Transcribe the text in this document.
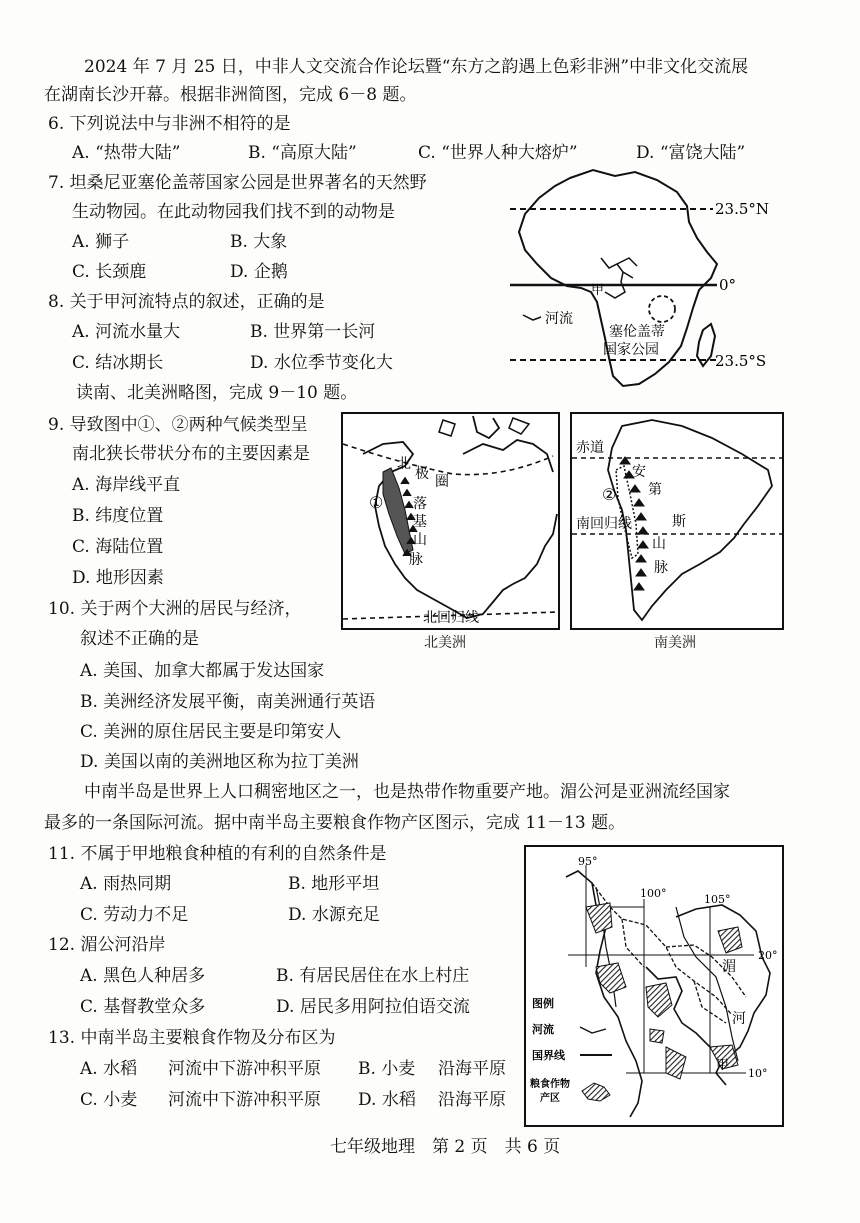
2024 年 7 月 25 日，中非人文交流合作论坛暨“东方之韵遇上色彩非洲”中非文化交流展
在湖南长沙开幕。根据非洲简图，完成 6－8 题。
6. 下列说法中与非洲不相符的是
A. “热带大陆”	B. “高原大陆”	C. “世界人种大熔炉”	D. “富饶大陆”
7. 坦桑尼亚塞伦盖蒂国家公园是世界著名的天然野
生动物园。在此动物园我们找不到的动物是
A. 狮子	B. 大象
C. 长颈鹿	D. 企鹅
8. 关于甲河流特点的叙述，正确的是
A. 河流水量大	B. 世界第一长河
C. 结冰期长	D. 水位季节变化大
23.5°N
0°
23.5°S
甲
河流
塞伦盖蒂
国家公园
读南、北美洲略图，完成 9－10 题。
9. 导致图中①、②两种气候类型呈
南北狭长带状分布的主要因素是
A. 海岸线平直
B. 纬度位置
C. 海陆位置
D. 地形因素
北
极 圈
① 落
基
山
脉
北回归线
北美洲
赤道
②
安
第
斯
山
脉
南回归线
南美洲
10. 关于两个大洲的居民与经济，
叙述不正确的是
A. 美国、加拿大都属于发达国家
B. 美洲经济发展平衡，南美洲通行英语
C. 美洲的原住居民主要是印第安人
D. 美国以南的美洲地区称为拉丁美洲
中南半岛是世界上人口稠密地区之一，也是热带作物重要产地。湄公河是亚洲流经国家
最多的一条国际河流。据中南半岛主要粮食作物产区图示，完成 11－13 题。
11. 不属于甲地粮食种植的有利的自然条件是
A. 雨热同期	B. 地形平坦
C. 劳动力不足	D. 水源充足
12. 湄公河沿岸
A. 黑色人种居多	B. 有居民居住在水上村庄
C. 基督教堂众多	D. 居民多用阿拉伯语交流
13. 中南半岛主要粮食作物及分布区为
A. 水稻 河流中下游冲积平原 B. 小麦 沿海平原
C. 小麦 河流中下游冲积平原 D. 水稻 沿海平原
95°
100°	105°
20°
10°
湄
河
甲
图例
河流
国界线
粮食作物
产区
七年级地理　第 2 页　共 6 页
